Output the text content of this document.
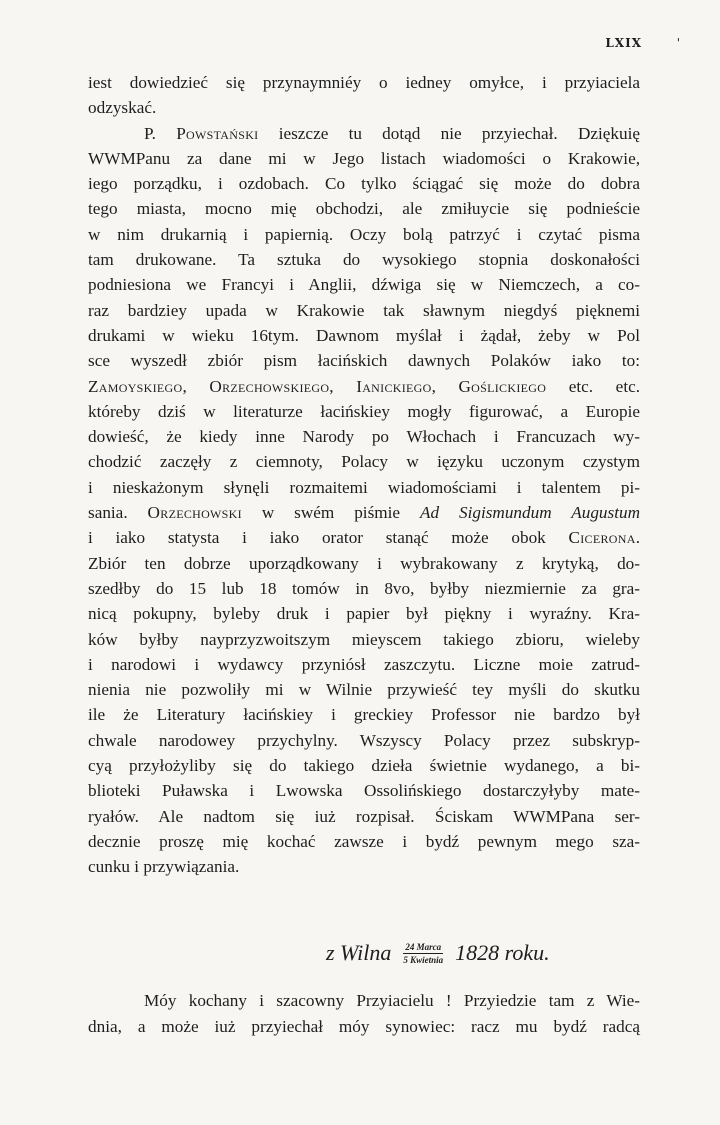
LXIX	'
iest dowiedzieć się przynaymniéy o iedney omyłce, i przyiaciela
odzyskać.
P. Powstański ieszcze tu dotąd nie przyiechał. Dziękuię
WWMPanu za dane mi w Jego listach wiadomości o Krakowie,
iego porządku, i ozdobach. Co tylko ściągać się może do dobra
tego miasta, mocno mię obchodzi, ale zmiłuycie się podnieście
w nim drukarnią i papiernią. Oczy bolą patrzyć i czytać pisma
tam drukowane. Ta sztuka do wysokiego stopnia doskonałości
podniesiona we Francyi i Anglii, dźwiga się w Niemczech, a co-
raz bardziey upada w Krakowie tak sławnym niegdyś pięknemi
drukami w wieku 16tym. Dawnom myślał i żądał, żeby w Pol
sce wyszedł zbiór pism łacińskich dawnych Polaków iako to:
Zamoyskiego, Orzechowskiego, Ianickiego, Goślickiego etc. etc.
któreby dziś w literaturze łacińskiey mogły figurować, a Europie
dowieść, że kiedy inne Narody po Włochach i Francuzach wy-
chodzić zaczęły z ciemnoty, Polacy w ięzyku uczonym czystym
i nieskażonym słynęli rozmaitemi wiadomościami i talentem pi-
sania. Orzechowski w swém piśmie Ad Sigismundum Augustum
i iako statysta i iako orator stanąć może obok Cicerona.
Zbiór ten dobrze uporządkowany i wybrakowany z krytyką, do-
szedłby do 15 lub 18 tomów in 8vo, byłby niezmiernie za gra-
nicą pokupny, byleby druk i papier był piękny i wyraźny. Kra-
ków byłby nayprzyzwoitszym mieyscem takiego zbioru, wieleby
i narodowi i wydawcy przyniósł zaszczytu. Liczne moie zatrud-
nienia nie pozwoliły mi w Wilnie przywieść tey myśli do skutku
ile że Literatury łacińskiey i greckiey Professor nie bardzo był
chwale narodowey przychylny. Wszyscy Polacy przez subskryp-
cyą przyłożyliby się do takiego dzieła świetnie wydanego, a bi-
blioteki Puławska i Lwowska Ossolińskiego dostarczyłyby mate-
ryałów. Ale nadtom się iuż rozpisał. Ściskam WWMPana ser-
decznie proszę mię kochać zawsze i bydź pewnym mego sza-
cunku i przywiązania.
z Wilna $\frac{\text{24 Marca}}{\text{5 Kwietnia}} 1828$ roku.
Móy kochany i szacowny Przyiacielu ! Przyiedzie tam z Wie-
dnia, a może iuż przyiechał móy synowiec: racz mu bydź radcą
